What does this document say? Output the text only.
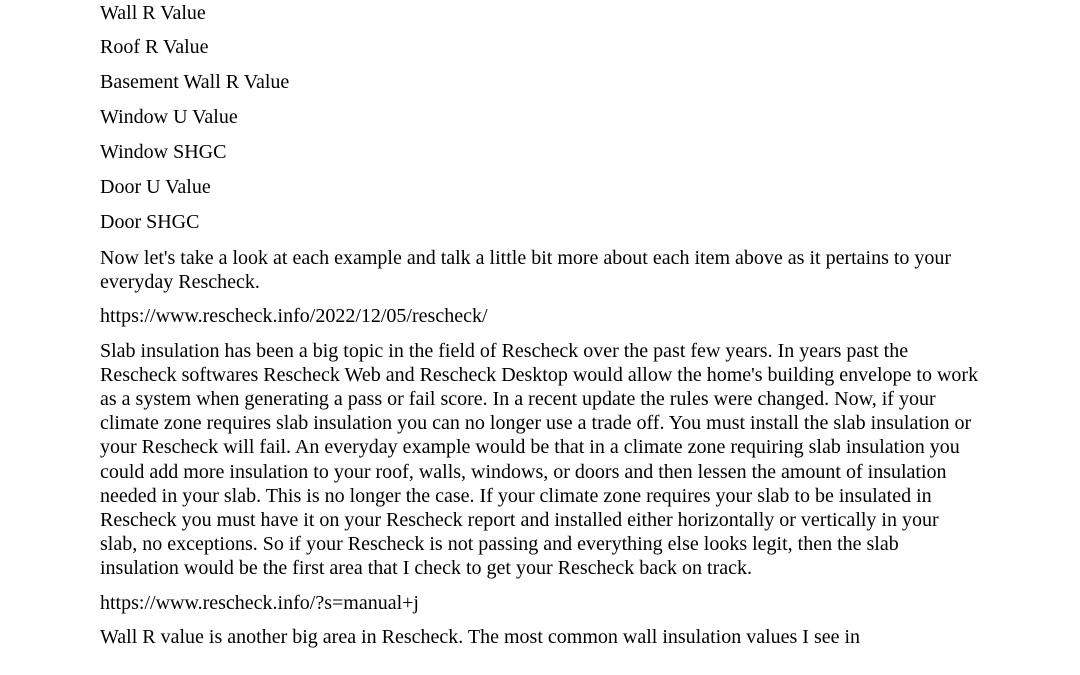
Wall R Value

Roof R Value

Basement Wall R Value

Window U Value

Window SHGC

Door U Value

Door SHGC

Now let's take a look at each example and talk a little bit more about each item above as it pertains to your everyday Rescheck.

https://www.rescheck.info/2022/12/05/rescheck/

Slab insulation has been a big topic in the field of Rescheck over the past few years. In years past the Rescheck softwares Rescheck Web and Rescheck Desktop would allow the home's building envelope to work as a system when generating a pass or fail score. In a recent update the rules were changed. Now, if your climate zone requires slab insulation you can no longer use a trade off. You must install the slab insulation or your Rescheck will fail. An everyday example would be that in a climate zone requiring slab insulation you could add more insulation to your roof, walls, windows, or doors and then lessen the amount of insulation needed in your slab. This is no longer the case. If your climate zone requires your slab to be insulated in Rescheck you must have it on your Rescheck report and installed either horizontally or vertically in your slab, no exceptions. So if your Rescheck is not passing and everything else looks legit, then the slab insulation would be the first area that I check to get your Rescheck back on track.

https://www.rescheck.info/?s=manual+j

Wall R value is another big area in Rescheck. The most common wall insulation values I see in
